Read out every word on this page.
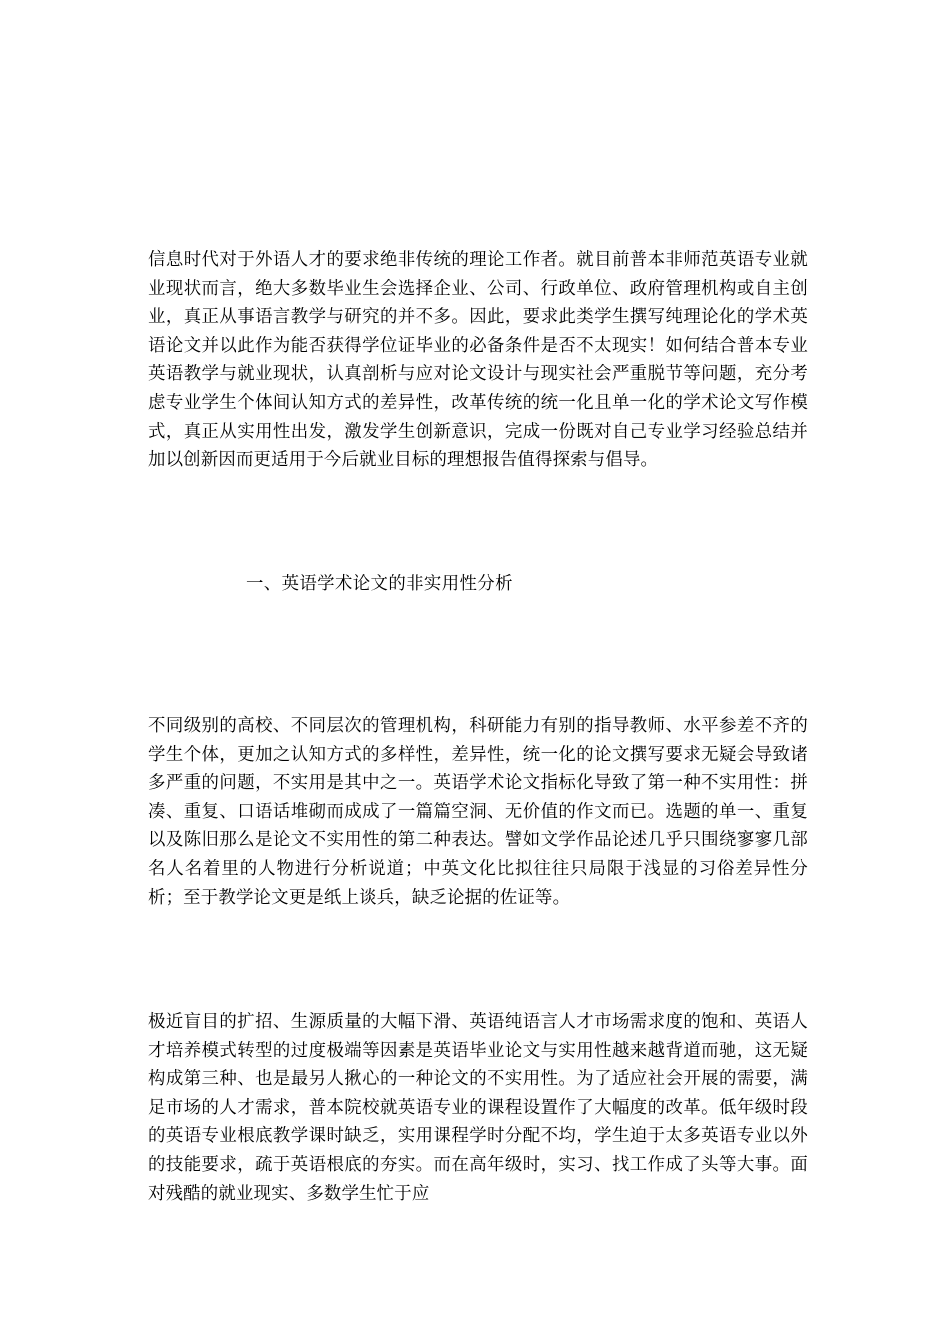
信息时代对于外语人才的要求绝非传统的理论工作者。就目前普本非师范英语专业就业现状而言，绝大多数毕业生会选择企业、公司、行政单位、政府管理机构或自主创业，真正从事语言教学与研究的并不多。因此，要求此类学生撰写纯理论化的学术英语论文并以此作为能否获得学位证毕业的必备条件是否不太现实！如何结合普本专业英语教学与就业现状，认真剖析与应对论文设计与现实社会严重脱节等问题，充分考虑专业学生个体间认知方式的差异性，改革传统的统一化且单一化的学术论文写作模式，真正从实用性出发，激发学生创新意识，完成一份既对自己专业学习经验总结并加以创新因而更适用于今后就业目标的理想报告值得探索与倡导。

一、英语学术论文的非实用性分析

不同级别的高校、不同层次的管理机构，科研能力有别的指导教师、水平参差不齐的学生个体，更加之认知方式的多样性，差异性，统一化的论文撰写要求无疑会导致诸多严重的问题，不实用是其中之一。英语学术论文指标化导致了第一种不实用性：拼凑、重复、口语话堆砌而成成了一篇篇空洞、无价值的作文而已。选题的单一、重复以及陈旧那么是论文不实用性的第二种表达。譬如文学作品论述几乎只围绕寥寥几部名人名着里的人物进行分析说道；中英文化比拟往往只局限于浅显的习俗差异性分析；至于教学论文更是纸上谈兵，缺乏论据的佐证等。

极近盲目的扩招、生源质量的大幅下滑、英语纯语言人才市场需求度的饱和、英语人才培养模式转型的过度极端等因素是英语毕业论文与实用性越来越背道而驰，这无疑构成第三种、也是最另人揪心的一种论文的不实用性。为了适应社会开展的需要，满足市场的人才需求，普本院校就英语专业的课程设置作了大幅度的改革。低年级时段的英语专业根底教学课时缺乏，实用课程学时分配不均，学生迫于太多英语专业以外的技能要求，疏于英语根底的夯实。而在高年级时，实习、找工作成了头等大事。面对残酷的就业现实、多数学生忙于应
